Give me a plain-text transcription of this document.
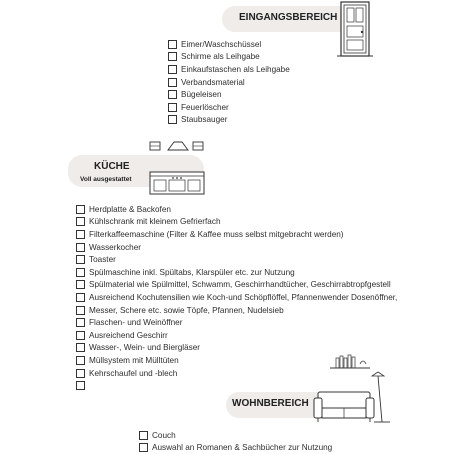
EINGANGSBEREICH
Eimer/Waschschüssel
Schirme als Leihgabe
Einkaufstaschen als Leihgabe
Verbandsmaterial
Bügeleisen
Feuerlöscher
Staubsauger
KÜCHE
Voll ausgestattet
Herdplatte & Backofen
Kühlschrank mit kleinem Gefrierfach
Filterkaffeemaschine (Filter & Kaffee muss selbst mitgebracht werden)
Wasserkocher
Toaster
Spülmaschine inkl. Spültabs, Klarspüler etc. zur Nutzung
Spülmaterial wie Spülmittel, Schwamm, Geschirrhandtücher, Geschirrabtropfgestell
Ausreichend Kochutensilien wie Koch-und Schöpflöffel, Pfannenwender Dosenöffner,
Messer, Schere etc. sowie Töpfe, Pfannen, Nudelsieb
Flaschen- und Weinöffner
Ausreichend Geschirr
Wasser-, Wein- und Biergläser
Müllsystem mit Mülltüten
Kehrschaufel und -blech
WOHNBEREICH
Couch
Auswahl an Romanen & Sachbücher zur Nutzung
